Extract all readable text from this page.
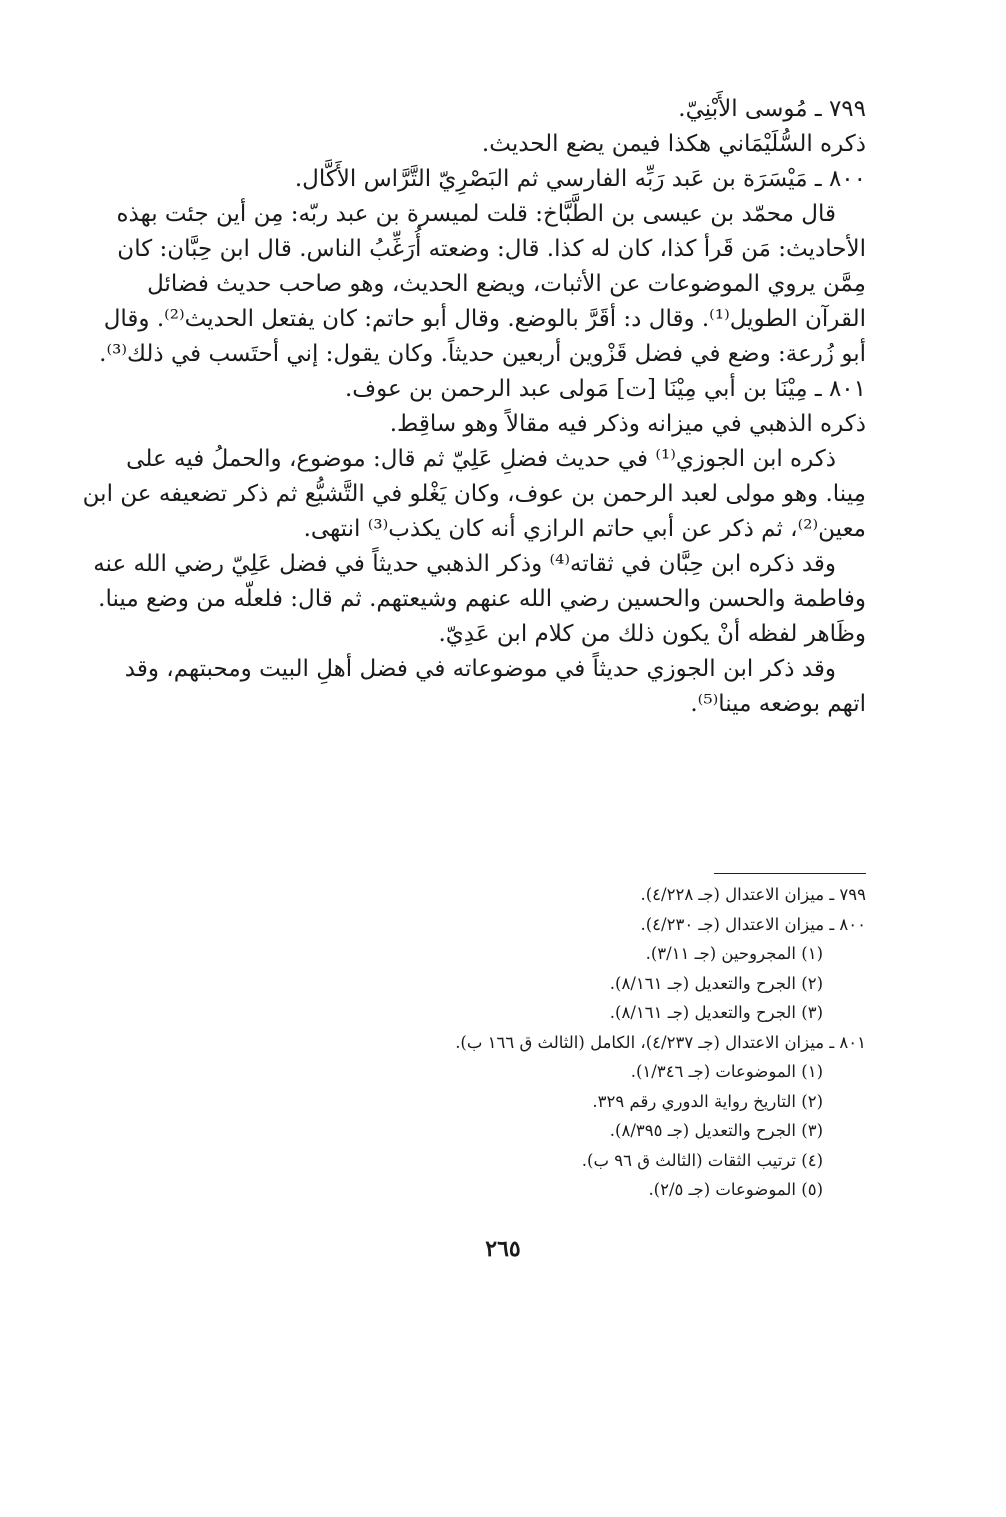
٧٩٩ ـ مُوسى الأَبْنِيّ.
ذكره السُّلَيْمَاني هكذا فيمن يضع الحديث.
٨٠٠ ـ مَيْسَرَة بن عَبد رَبِّه الفارسي ثم البَصْرِيّ التَّرَّاس الأَكَّال.
قال محمّد بن عيسى بن الطَّبَّاخ: قلت لميسرة بن عبد ربّه: مِن أين جئت بهذه
الأحاديث: مَن قَرأ كذا، كان له كذا. قال: وضعته أُرَغِّبُ الناس. قال ابن حِبَّان: كان
مِمَّن يروي الموضوعات عن الأثبات، ويضع الحديث، وهو صاحب حديث فضائل
القرآن الطويل⁽¹⁾. وقال د: أقَرَّ بالوضع. وقال أبو حاتم: كان يفتعل الحديث⁽²⁾. وقال
أبو زُرعة: وضع في فضل قَزْوين أربعين حديثاً. وكان يقول: إني أحتَسب في ذلك⁽³⁾.
٨٠١ ـ مِيْنَا بن أبي مِيْنَا [ت] مَولى عبد الرحمن بن عوف.
ذكره الذهبي في ميزانه وذكر فيه مقالاً وهو ساقِط.
ذكره ابن الجوزي⁽¹⁾ في حديث فضلِ عَلِيّ ثم قال: موضوع، والحملُ فيه على
مِينا. وهو مولى لعبد الرحمن بن عوف، وكان يَغْلو في التَّشيُّع ثم ذكر تضعيفه عن ابن
معين⁽²⁾، ثم ذكر عن أبي حاتم الرازي أنه كان يكذب⁽³⁾ انتهى.
وقد ذكره ابن حِبَّان في ثقاته⁽⁴⁾ وذكر الذهبي حديثاً في فضل عَلِيّ رضي الله عنه
وفاطمة والحسن والحسين رضي الله عنهم وشيعتهم. ثم قال: فلعلّه من وضع مينا.
وظَاهر لفظه أنْ يكون ذلك من كلام ابن عَدِيّ.
وقد ذكر ابن الجوزي حديثاً في موضوعاته في فضل أهلِ البيت ومحبتهم، وقد
اتهم بوضعه مينا⁽⁵⁾.
٧٩٩ ـ ميزان الاعتدال (جـ ٤/٢٢٨).
٨٠٠ ـ ميزان الاعتدال (جـ ٤/٢٣٠).
(١) المجروحين (جـ ٣/١١).
(٢) الجرح والتعديل (جـ ٨/١٦١).
(٣) الجرح والتعديل (جـ ٨/١٦١).
٨٠١ ـ ميزان الاعتدال (جـ ٤/٢٣٧)، الكامل (الثالث ق ١٦٦ ب).
(١) الموضوعات (جـ ١/٣٤٦).
(٢) التاريخ رواية الدوري رقم ٣٢٩.
(٣) الجرح والتعديل (جـ ٨/٣٩٥).
(٤) ترتيب الثقات (الثالث ق ٩٦ ب).
(٥) الموضوعات (جـ ٢/٥).
٢٦٥
